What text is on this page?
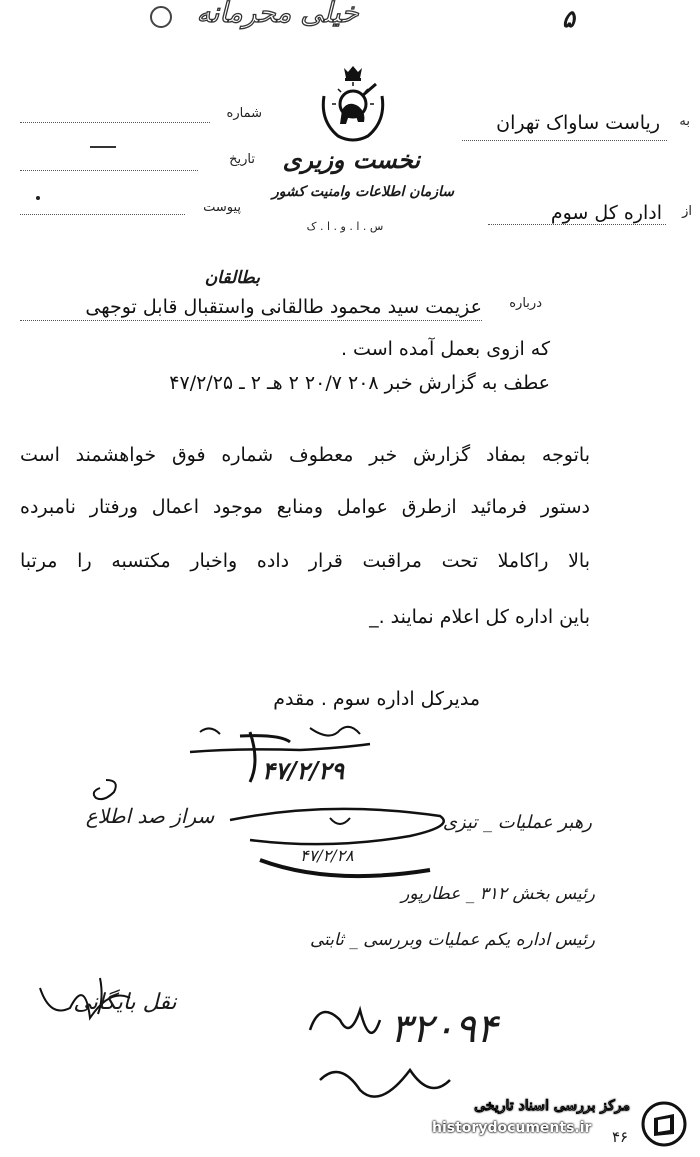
خیلی محرمانه	۵
شماره
تاریخ
پیوست
نخست وزیری
سازمان اطلاعات وامنیت کشور
س . ا . و . ا . ک
به
ریاست ساواک تهران
از
اداره کل سوم
بطالقان
درباره
عزیمت سید محمود طالقانی واستقبال قابل توجهی
که ازوی بعمل آمده است .
عطف به گزارش خبر ۲۰۸ ۲۰/۷ ۲ هـ ۲ ـ ۴۷/۲/۲۵
باتوجه بمفاد گزارش خبر معطوف شماره فوق خواهشمند است
دستور فرمائید ازطرق عوامل ومنابع موجود اعمال ورفتار نامبرده
بالا راکاملا تحت مراقبت قرار داده واخبار مکتسبه را مرتبا
باین اداره کل اعلام نمایند ._
مدیرکل اداره سوم . مقدم
۴۷/۲/۲۹
سراز صد اطلاع
۴۷/۲/۲۸
رهبر عملیات _ تیزی
رئیس بخش ۳۱۲ _ عطارپور
رئیس اداره یکم عملیات وبررسی _ ثابتی
نقل بایگانی
۳۲۰۹۴
مرکز بررسی اسناد تاریخی
historydocuments.ir ۴۶
